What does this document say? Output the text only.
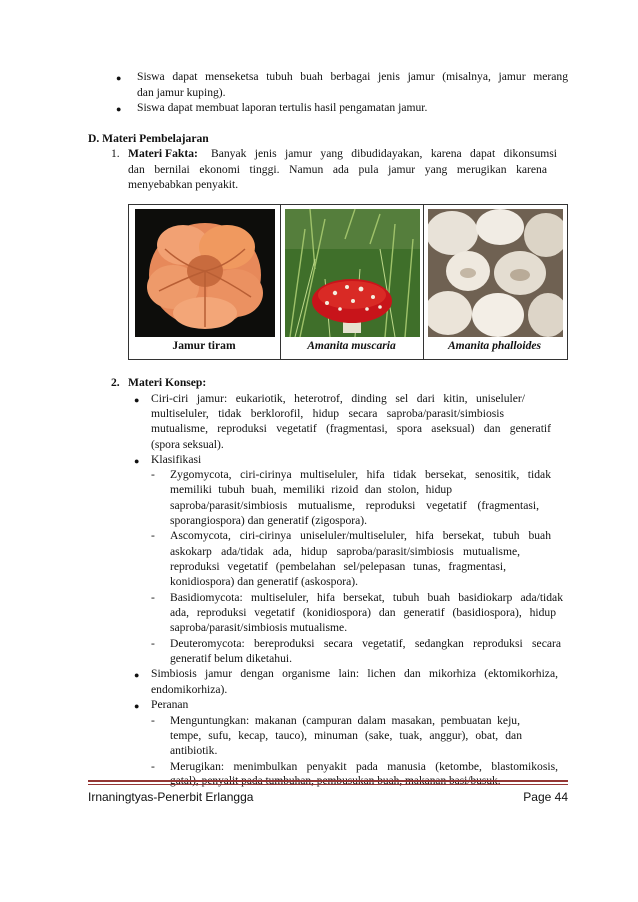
● Siswa dapat menseketsa tubuh buah berbagai jenis jamur (misalnya, jamur merang
dan jamur kuping).
● Siswa dapat membuat laporan tertulis hasil pengamatan jamur.
D. Materi Pembelajaran
1. Materi Fakta: Banyak jenis jamur yang dibudidayakan, karena dapat dikonsumsi
dan bernilai ekonomi tinggi. Namun ada pula jamur yang merugikan karena
menyebabkan penyakit.
Jamur tiram	Amanita muscaria	Amanita phalloides
2. Materi Konsep:
● Ciri-ciri jamur: eukariotik, heterotrof, dinding sel dari kitin, uniseluler/
multiseluler, tidak berklorofil, hidup secara saproba/parasit/simbiosis
mutualisme, reproduksi vegetatif (fragmentasi, spora aseksual) dan generatif
(spora seksual).
● Klasifikasi
- Zygomycota, ciri-cirinya multiseluler, hifa tidak bersekat, senositik, tidak
memiliki tubuh buah, memiliki rizoid dan stolon, hidup
saproba/parasit/simbiosis mutualisme, reproduksi vegetatif (fragmentasi,
sporangiospora) dan generatif (zigospora).
- Ascomycota, ciri-cirinya uniseluler/multiseluler, hifa bersekat, tubuh buah
askokarp ada/tidak ada, hidup saproba/parasit/simbiosis mutualisme,
reproduksi vegetatif (pembelahan sel/pelepasan tunas, fragmentasi,
konidiospora) dan generatif (askospora).
- Basidiomycota: multiseluler, hifa bersekat, tubuh buah basidiokarp ada/tidak
ada, reproduksi vegetatif (konidiospora) dan generatif (basidiospora), hidup
saproba/parasit/simbiosis mutualisme.
- Deuteromycota: bereproduksi secara vegetatif, sedangkan reproduksi secara
generatif belum diketahui.
● Simbiosis jamur dengan organisme lain: lichen dan mikorhiza (ektomikorhiza,
endomikorhiza).
● Peranan
- Menguntungkan: makanan (campuran dalam masakan, pembuatan keju,
tempe, sufu, kecap, tauco), minuman (sake, tuak, anggur), obat, dan
antibiotik.
- Merugikan: menimbulkan penyakit pada manusia (ketombe, blastomikosis,
Irnaningtyas-Penerbit Erlangga	Page 44
